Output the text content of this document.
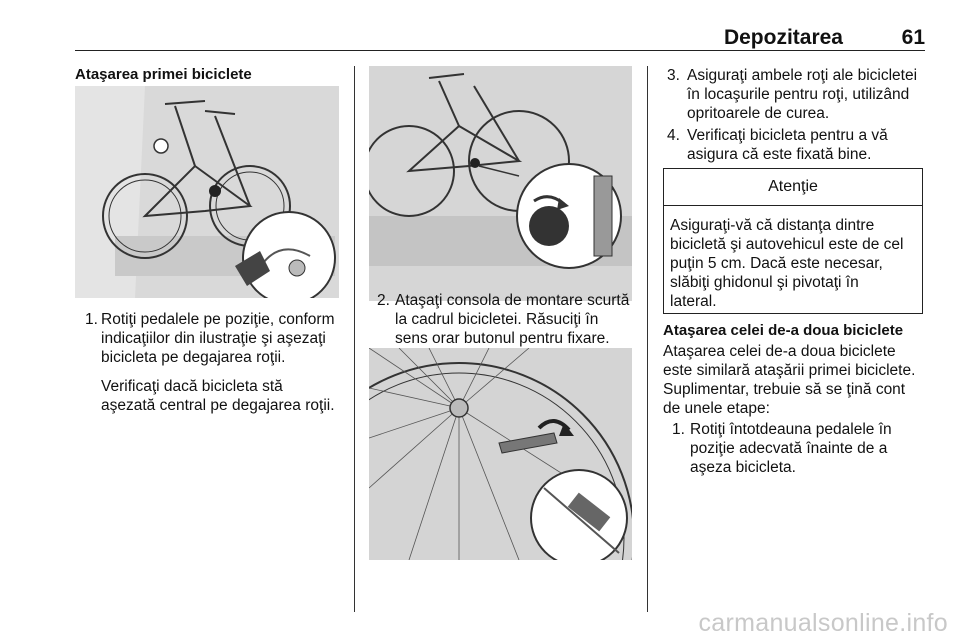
Depozitarea	61
Ataşarea primei biciclete
1. Rotiţi pedalele pe poziţie, conform
indicaţiilor din ilustraţie şi aşezaţi
bicicleta pe degajarea roţii.
Verificaţi dacă bicicleta stă
aşezată central pe degajarea roţii.
2. Ataşaţi consola de montare scurtă
la cadrul bicicletei. Răsuciţi în
sens orar butonul pentru fixare.
3. Asiguraţi ambele roţi ale bicicletei
în locaşurile pentru roţi, utilizând
opritoarele de curea.
4. Verificaţi bicicleta pentru a vă
asigura că este fixată bine.
Atenţie
Asiguraţi-vă că distanţa dintre
bicicletă şi autovehicul este de cel
puţin 5 cm. Dacă este necesar,
slăbiţi ghidonul şi pivotaţi în
lateral.
Ataşarea celei de-a doua biciclete
Ataşarea celei de-a doua biciclete
este similară ataşării primei biciclete.
Suplimentar, trebuie să se ţină cont
de unele etape:
1. Rotiţi întotdeauna pedalele în
poziţie adecvată înainte de a
aşeza bicicleta.
carmanualsonline.info
